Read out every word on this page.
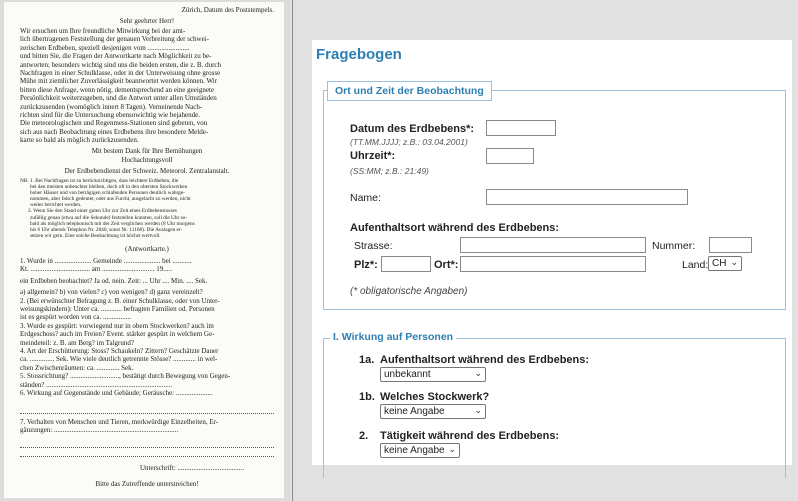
Zürich, Datum des Poststempels.
Sehr geehrter Herr!
Wir ersuchen um Ihre freundliche Mitwirkung bei der amt-
lich übertragenen Feststellung der genauen Verbreitung der schwei-
zerischen Erdbeben, speziell desjenigen vom ........................
und bitten Sie, die Fragen der Antwortkarte nach Möglichkeit zu be-
antworten; besonders wichtig sind uns die beiden ersten, die z. B. durch
Nachfragen in einer Schulklasse, oder in der Unterweisung ohne grosse
Mühe mit ziemlicher Zuverlässigkeit beantwortet werden können. Wir
bitten diese Anfrage, wenn nötig, dementsprechend an eine geeignete
Persönlichkeit weiterzugeben, und die Antwort unter allen Umständen
zurückzusenden (womöglich innert 8 Tagen). Verneinende Nach-
richten sind für die Untersuchung ebensowichtig wie bejahende.
Die meteorologischen und Regenmess-Stationen sind gebeten, von
sich aus nach Beobachtung eines Erdbebens ihre besondere Melde-
karte so bald als möglich zurückzusenden.
Mit bestem Dank für Ihre Bemühungen
Hochachtungsvoll
Der Erdbebendienst der Schweiz. Meteorol. Zentralanstalt.
NB. 1. Bei Nachfragen ist zu berücksichtigen, dass leichtere Erdbeben, die
bei den meisten unbeachtet bleiben, doch oft in den obersten Stockwerken
hoher Häuser und von beträgigen schlafenden Personen deutlich wahrge-
nommen, aber falsch gedeutet, oder aus Furcht, ausgelacht zu werden, nicht
weiter berichtet werden.
2. Wenn Sie den Stand einer guten Uhr zur Zeit eines Erdbebenstosses
zufällig genau (etwa auf die Sekunde) feststellen konnten, soll die Uhr so-
bald als möglich telephonisch mit der Zeit verglichen werden (8 Uhr morgens
bis 6 Uhr abends Telephon Nr. 2840, sonst Nr. 11168). Die Auslagen er-
setzen wir gern. Eine solche Beobachtung ist höchst wertvoll.
(Antwortkarte.)
1. Wurde in ..................... Gemeinde ..................... bei ...........
Kt. .................................. am .............................. 19.....
ein Erdbeben beobachtet? Ja od. nein. Zeit: ... Uhr .... Min. .... Sek.
a) allgemein? b) von vielen? c) von wenigen? d) ganz vereinzelt?
2. (Bei erwünschter Befragung z. B. einer Schulklasse, oder von Unter-
weisungskindern): Unter ca. ............ befragten Familien od. Personen
ist es gespürt worden von ca. ................
3. Wurde es gespürt: vorwiegend nur in obern Stockwerken? auch im
Erdgeschoss? auch im Freien? Event. stärker gespürt in welchem Ge-
meindeteil: z. B. am Berg? im Talgrund?
4. Art der Erschütterung: Stoss? Schaukeln? Zittern? Geschätzte Dauer
ca. .............. Sek. Wie viele deutlich getrennte Stösse? ............. in wel-
chen Zwischenräumen: ca. ............. Sek.
5. Stossrichtung? ............................, bestätigt durch Bewegung von Gegen-
ständen? ........................................................................
6. Wirkung auf Gegenstände und Gebäude; Geräusche: .....................
7. Verhalten von Menschen und Tieren, merkwürdige Einzelheiten, Er-
gänzungen: .......................................................................
Unterschrift: ......................................
Bitte das Zutreffende unterstreichen!
Fragebogen
Ort und Zeit der Beobachtung
Datum des Erdbebens*:
(TT.MM.JJJJ; z.B.: 03.04.2001)
Uhrzeit*:
(SS:MM; z.B.: 21:49)
Name:
Aufenthaltsort während des Erdbebens:
Strasse:	Nummer:
Plz*:	Ort*:	Land: CH ⌄
(* obligatorische Angaben)
I. Wirkung auf Personen
1a. Aufenthaltsort während des Erdbebens:
unbekannt	⌄
1b. Welches Stockwerk?
keine Angabe	⌄
2. Tätigkeit während des Erdbebens:
keine Angabe ⌄
